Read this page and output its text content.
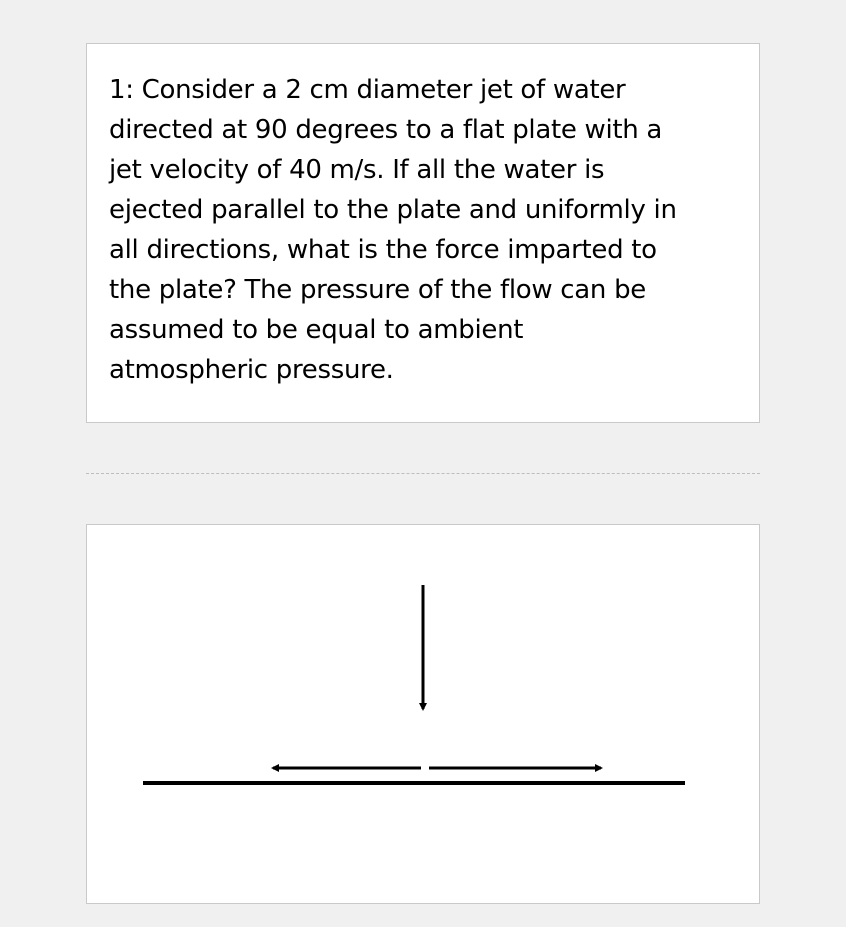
1: Consider a 2 cm diameter jet of water
directed at 90 degrees to a flat plate with a
jet velocity of 40 m/s. If all the water is
ejected parallel to the plate and uniformly in
all directions, what is the force imparted to
the plate? The pressure of the flow can be
assumed to be equal to ambient
atmospheric pressure.
